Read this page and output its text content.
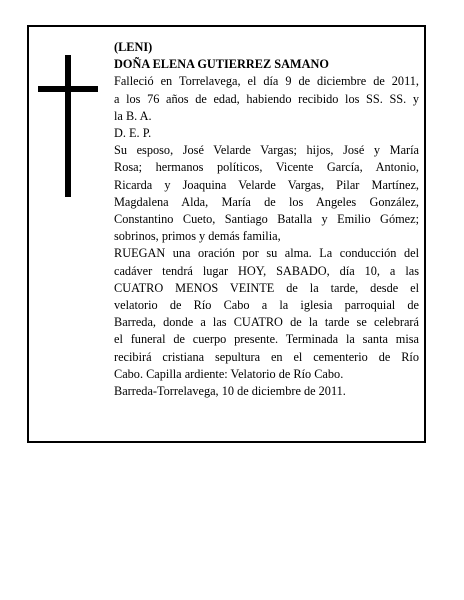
(LENI)
DOÑA ELENA GUTIERREZ SAMANO
Falleció en Torrelavega, el día 9 de diciembre de 2011,
a los 76 años de edad, habiendo recibido los SS. SS. y
la B. A.
D. E. P.
Su esposo, José Velarde Vargas; hijos, José y María
Rosa; hermanos políticos, Vicente García, Antonio,
Ricarda y Joaquina Velarde Vargas, Pilar Martínez,
Magdalena Alda, María de los Angeles González,
Constantino Cueto, Santiago Batalla y Emilio Gómez;
sobrinos, primos y demás familia,
RUEGAN una oración por su alma. La conducción del
cadáver tendrá lugar HOY, SABADO, día 10, a las
CUATRO MENOS VEINTE de la tarde, desde el
velatorio de Río Cabo a la iglesia parroquial de
Barreda, donde a las CUATRO de la tarde se celebrará
el funeral de cuerpo presente. Terminada la santa misa
recibirá cristiana sepultura en el cementerio de Río
Cabo. Capilla ardiente: Velatorio de Río Cabo.
Barreda-Torrelavega, 10 de diciembre de 2011.
